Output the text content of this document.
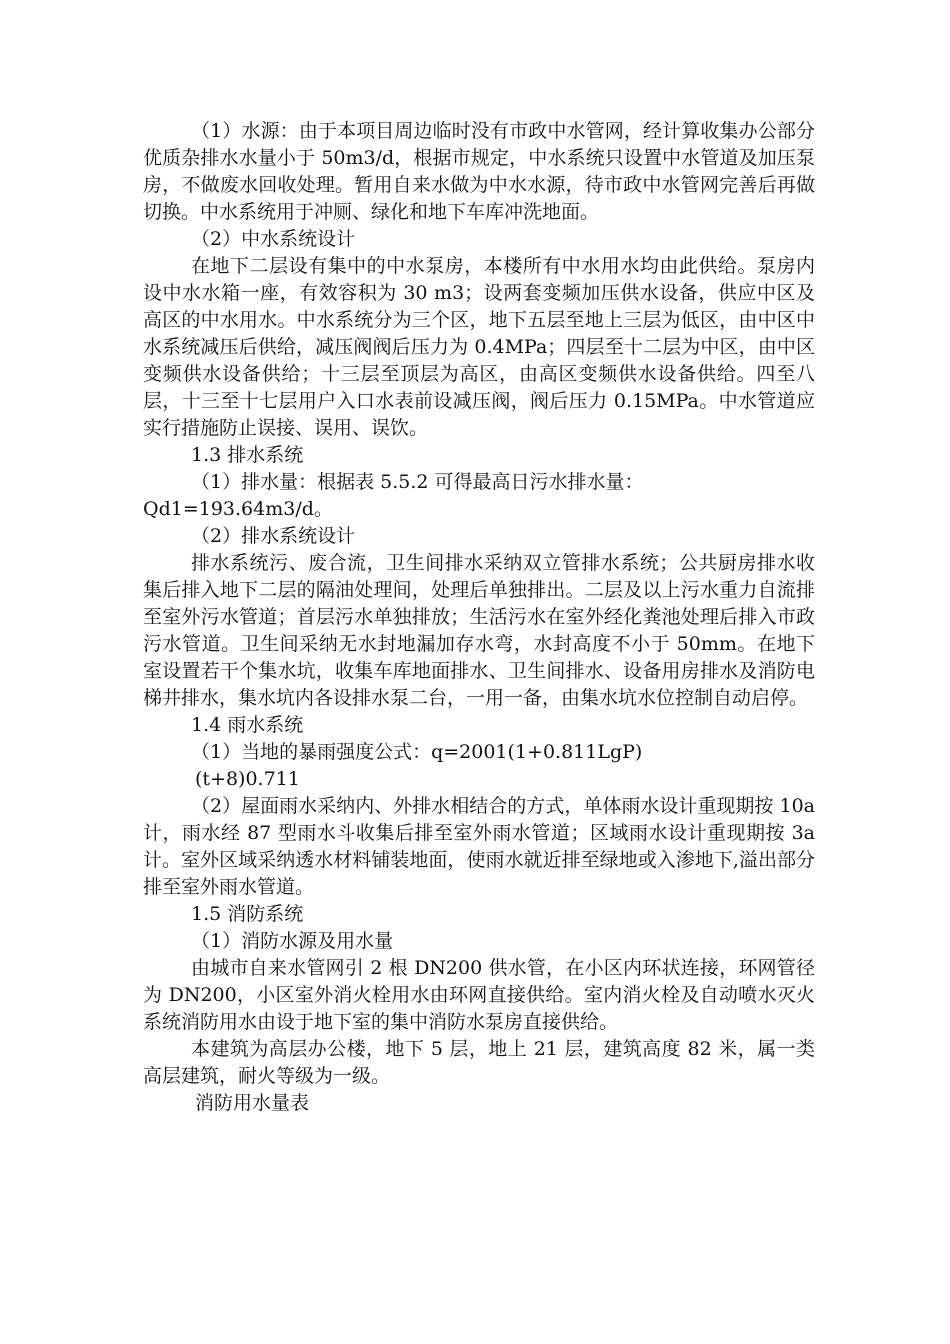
（1）水源：由于本项目周边临时没有市政中水管网，经计算收集办公部分优质杂排水水量小于 50m3/d，根据市规定，中水系统只设置中水管道及加压泵房，不做废水回收处理。暂用自来水做为中水水源，待市政中水管网完善后再做切换。中水系统用于冲厕、绿化和地下车库冲洗地面。

（2）中水系统设计

在地下二层设有集中的中水泵房，本楼所有中水用水均由此供给。泵房内设中水水箱一座，有效容积为 30 m3；设两套变频加压供水设备，供应中区及高区的中水用水。中水系统分为三个区，地下五层至地上三层为低区，由中区中水系统减压后供给，减压阀阀后压力为 0.4MPa；四层至十二层为中区，由中区变频供水设备供给；十三层至顶层为高区，由高区变频供水设备供给。四至八层，十三至十七层用户入口水表前设减压阀，阀后压力 0.15MPa。中水管道应实行措施防止误接、误用、误饮。

1.3 排水系统

（1）排水量：根据表 5.5.2 可得最高日污水排水量：

Qd1=193.64m3/d。

（2）排水系统设计

排水系统污、废合流，卫生间排水采纳双立管排水系统；公共厨房排水收集后排入地下二层的隔油处理间，处理后单独排出。二层及以上污水重力自流排至室外污水管道；首层污水单独排放；生活污水在室外经化粪池处理后排入市政污水管道。卫生间采纳无水封地漏加存水弯，水封高度不小于 50mm。在地下室设置若干个集水坑，收集车库地面排水、卫生间排水、设备用房排水及消防电梯井排水，集水坑内各设排水泵二台，一用一备，由集水坑水位控制自动启停。

1.4 雨水系统

（1）当地的暴雨强度公式：q=2001(1+0.811LgP)

(t+8)0.711

（2）屋面雨水采纳内、外排水相结合的方式，单体雨水设计重现期按 10a 计，雨水经 87 型雨水斗收集后排至室外雨水管道；区域雨水设计重现期按 3a 计。室外区域采纳透水材料铺装地面，使雨水就近排至绿地或入渗地下,溢出部分排至室外雨水管道。

1.5 消防系统

（1）消防水源及用水量

由城市自来水管网引 2 根 DN200 供水管，在小区内环状连接，环网管径为 DN200，小区室外消火栓用水由环网直接供给。室内消火栓及自动喷水灭火系统消防用水由设于地下室的集中消防水泵房直接供给。

本建筑为高层办公楼，地下 5 层，地上 21 层，建筑高度 82 米，属一类高层建筑，耐火等级为一级。

消防用水量表
